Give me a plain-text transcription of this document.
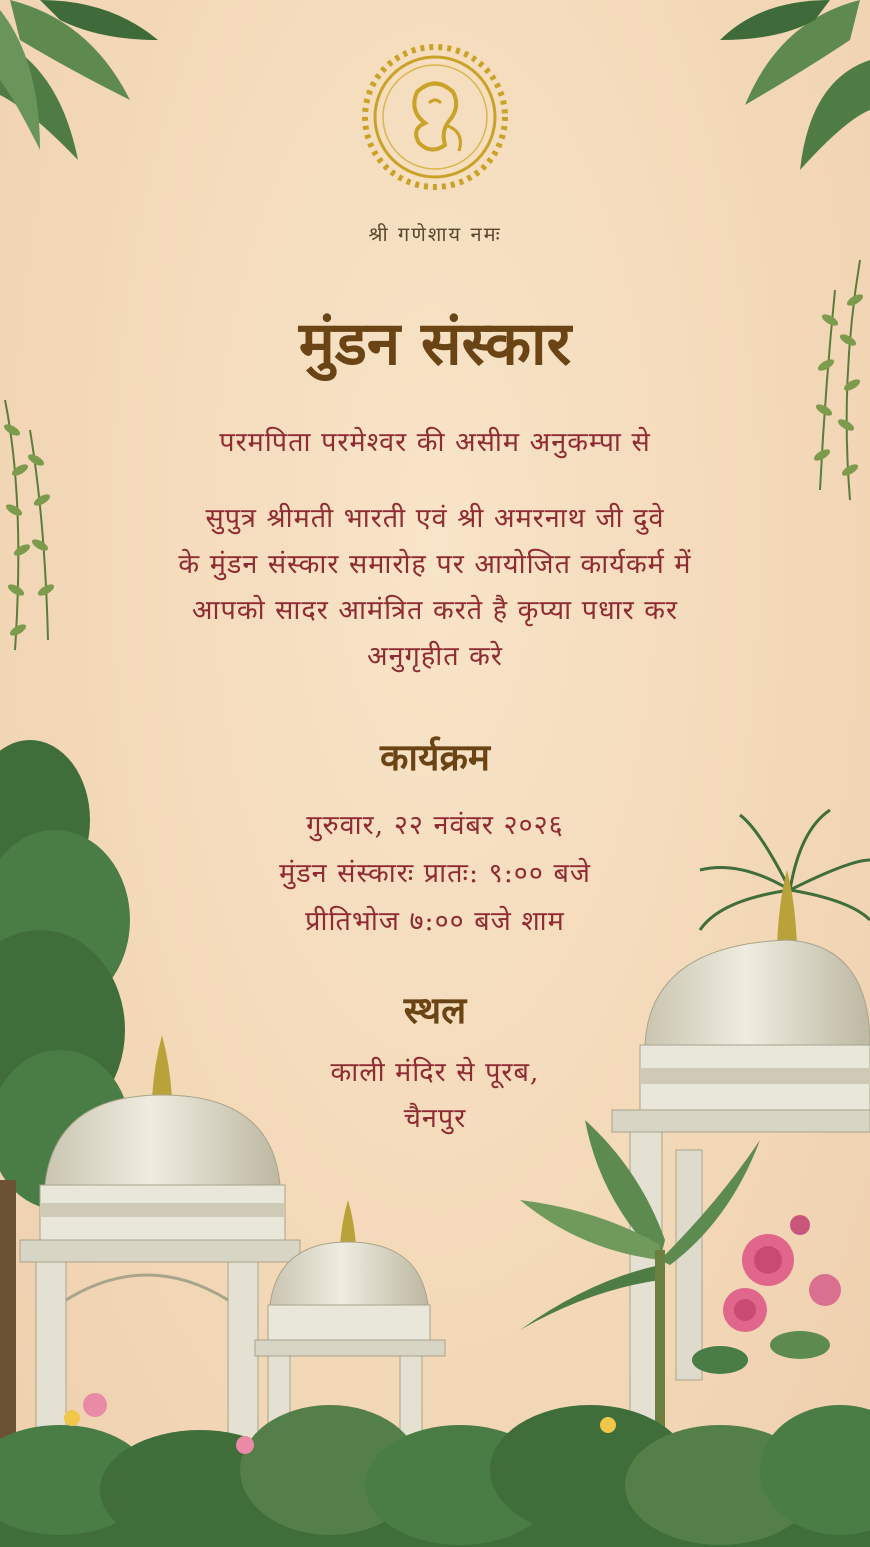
श्री गणेशाय नमः

मुंडन संस्कार

परमपिता परमेश्वर की असीम अनुकम्पा से

सुपुत्र श्रीमती भारती एवं श्री अमरनाथ जी दुवे
के मुंडन संस्कार समारोह पर आयोजित कार्यकर्म में
आपको सादर आमंत्रित करते है कृप्या पधार कर
अनुगृहीत करे
कार्यक्रम
गुरुवार, २२ नवंबर २०२६
मुंडन संस्कारः प्रातः: ९:०० बजे
प्रीतिभोज ७:०० बजे शाम
स्थल
काली मंदिर से पूरब,
चैनपुर
